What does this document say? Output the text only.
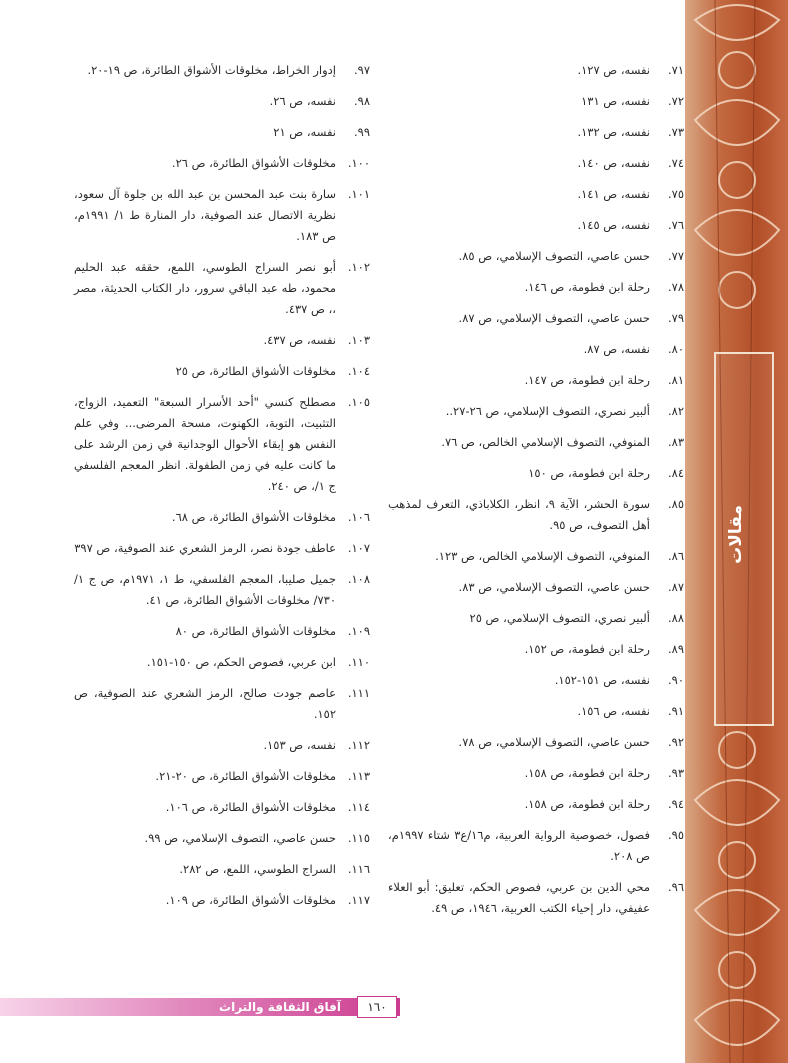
مقالات
٧١.
نفسه، ص ١٢٧.
٧٢.
نفسه، ص ١٣١
٧٣.
نفسه، ص ١٣٢.
٧٤.
نفسه، ص ١٤٠.
٧٥.
نفسه، ص ١٤١.
٧٦.
نفسه، ص ١٤٥.
٧٧.
حسن عاصي، التصوف الإسلامي، ص ٨٥.
٧٨.
رحلة ابن فطومة، ص ١٤٦.
٧٩.
حسن عاصي، التصوف الإسلامي، ص ٨٧.
٨٠.
نفسه، ص ٨٧.
٨١.
رحلة ابن فطومة، ص ١٤٧.
٨٢.
ألبير نصري، التصوف الإسلامي، ص ٢٦-٢٧..
٨٣.
المنوفي، التصوف الإسلامي الخالص، ص ٧٦.
٨٤.
رحلة ابن فطومة، ص ١٥٠
٨٥.
سورة الحشر، الآية ٩، انظر، الكلاباذي، التعرف لمذهب أهل التصوف، ص ٩٥.
٨٦.
المنوفي، التصوف الإسلامي الخالص، ص ١٢٣.
٨٧.
حسن عاصي، التصوف الإسلامي، ص ٨٣.
٨٨.
ألبير نصري، التصوف الإسلامي، ص ٢٥
٨٩.
رحلة ابن فطومة، ص ١٥٢.
٩٠.
نفسه، ص ١٥١-١٥٢.
٩١.
نفسه، ص ١٥٦.
٩٢.
حسن عاصي، التصوف الإسلامي، ص ٧٨.
٩٣.
رحلة ابن فطومة، ص ١٥٨.
٩٤.
رحلة ابن فطومة، ص ١٥٨.
٩٥.
فصول، خصوصية الرواية العربية، م١٦/ع٣ شتاء ١٩٩٧م، ص ٢٠٨.
٩٦.
محي الدين بن عربي، فصوص الحكم، تعليق: أبو العلاء عفيفي، دار إحياء الكتب العربية، ١٩٤٦، ص ٤٩.
٩٧.
إدوار الخراط، مخلوقات الأشواق الطائرة، ص ١٩-٢٠.
٩٨.
نفسه، ص ٢٦.
٩٩.
نفسه، ص ٢١
١٠٠.
مخلوقات الأشواق الطائرة، ص ٢٦.
١٠١.
سارة بنت عبد المحسن بن عبد الله بن جلوة آل سعود، نظرية الاتصال عند الصوفية، دار المنارة ط ١/ ١٩٩١م، ص ١٨٣.
١٠٢.
أبو نصر السراج الطوسي، اللمع، حققه عبد الحليم محمود، طه عبد الباقي سرور، دار الكتاب الحديثة، مصر ،، ص ٤٣٧.
١٠٣.
نفسه، ص ٤٣٧.
١٠٤.
مخلوقات الأشواق الطائرة، ص ٢٥
١٠٥.
مصطلح كنسي "أحد الأسرار السبعة" التعميد، الزواج، التثبيت، التوبة، الكهنوت، مسحة المرضى... وفي علم النفس هو إبقاء الأحوال الوجدانية في زمن الرشد على ما كانت عليه في زمن الطفولة. انظر المعجم الفلسفي ج ١/، ص ٢٤٠.
١٠٦.
مخلوقات الأشواق الطائرة، ص ٦٨.
١٠٧.
عاطف جودة نصر، الرمز الشعري عند الصوفية، ص ٣٩٧
١٠٨.
جميل صليبا، المعجم الفلسفي، ط ١، ١٩٧١م، ص ج ١/ ٧٣٠/ مخلوقات الأشواق الطائرة، ص ٤١.
١٠٩.
مخلوقات الأشواق الطائرة، ص ٨٠
١١٠.
ابن عربي، فصوص الحكم، ص ١٥٠-١٥١.
١١١.
عاصم جودت صالح، الرمز الشعري عند الصوفية، ص ١٥٢.
١١٢.
نفسه، ص ١٥٣.
١١٣.
مخلوقات الأشواق الطائرة، ص ٢٠-٢١.
١١٤.
مخلوقات الأشواق الطائرة، ص ١٠٦.
١١٥.
حسن عاصي، التصوف الإسلامي، ص ٩٩.
١١٦.
السراج الطوسي، اللمع، ص ٢٨٢.
١١٧.
مخلوقات الأشواق الطائرة، ص ١٠٩.
آفاق الثقافة والتراث	١٦٠
